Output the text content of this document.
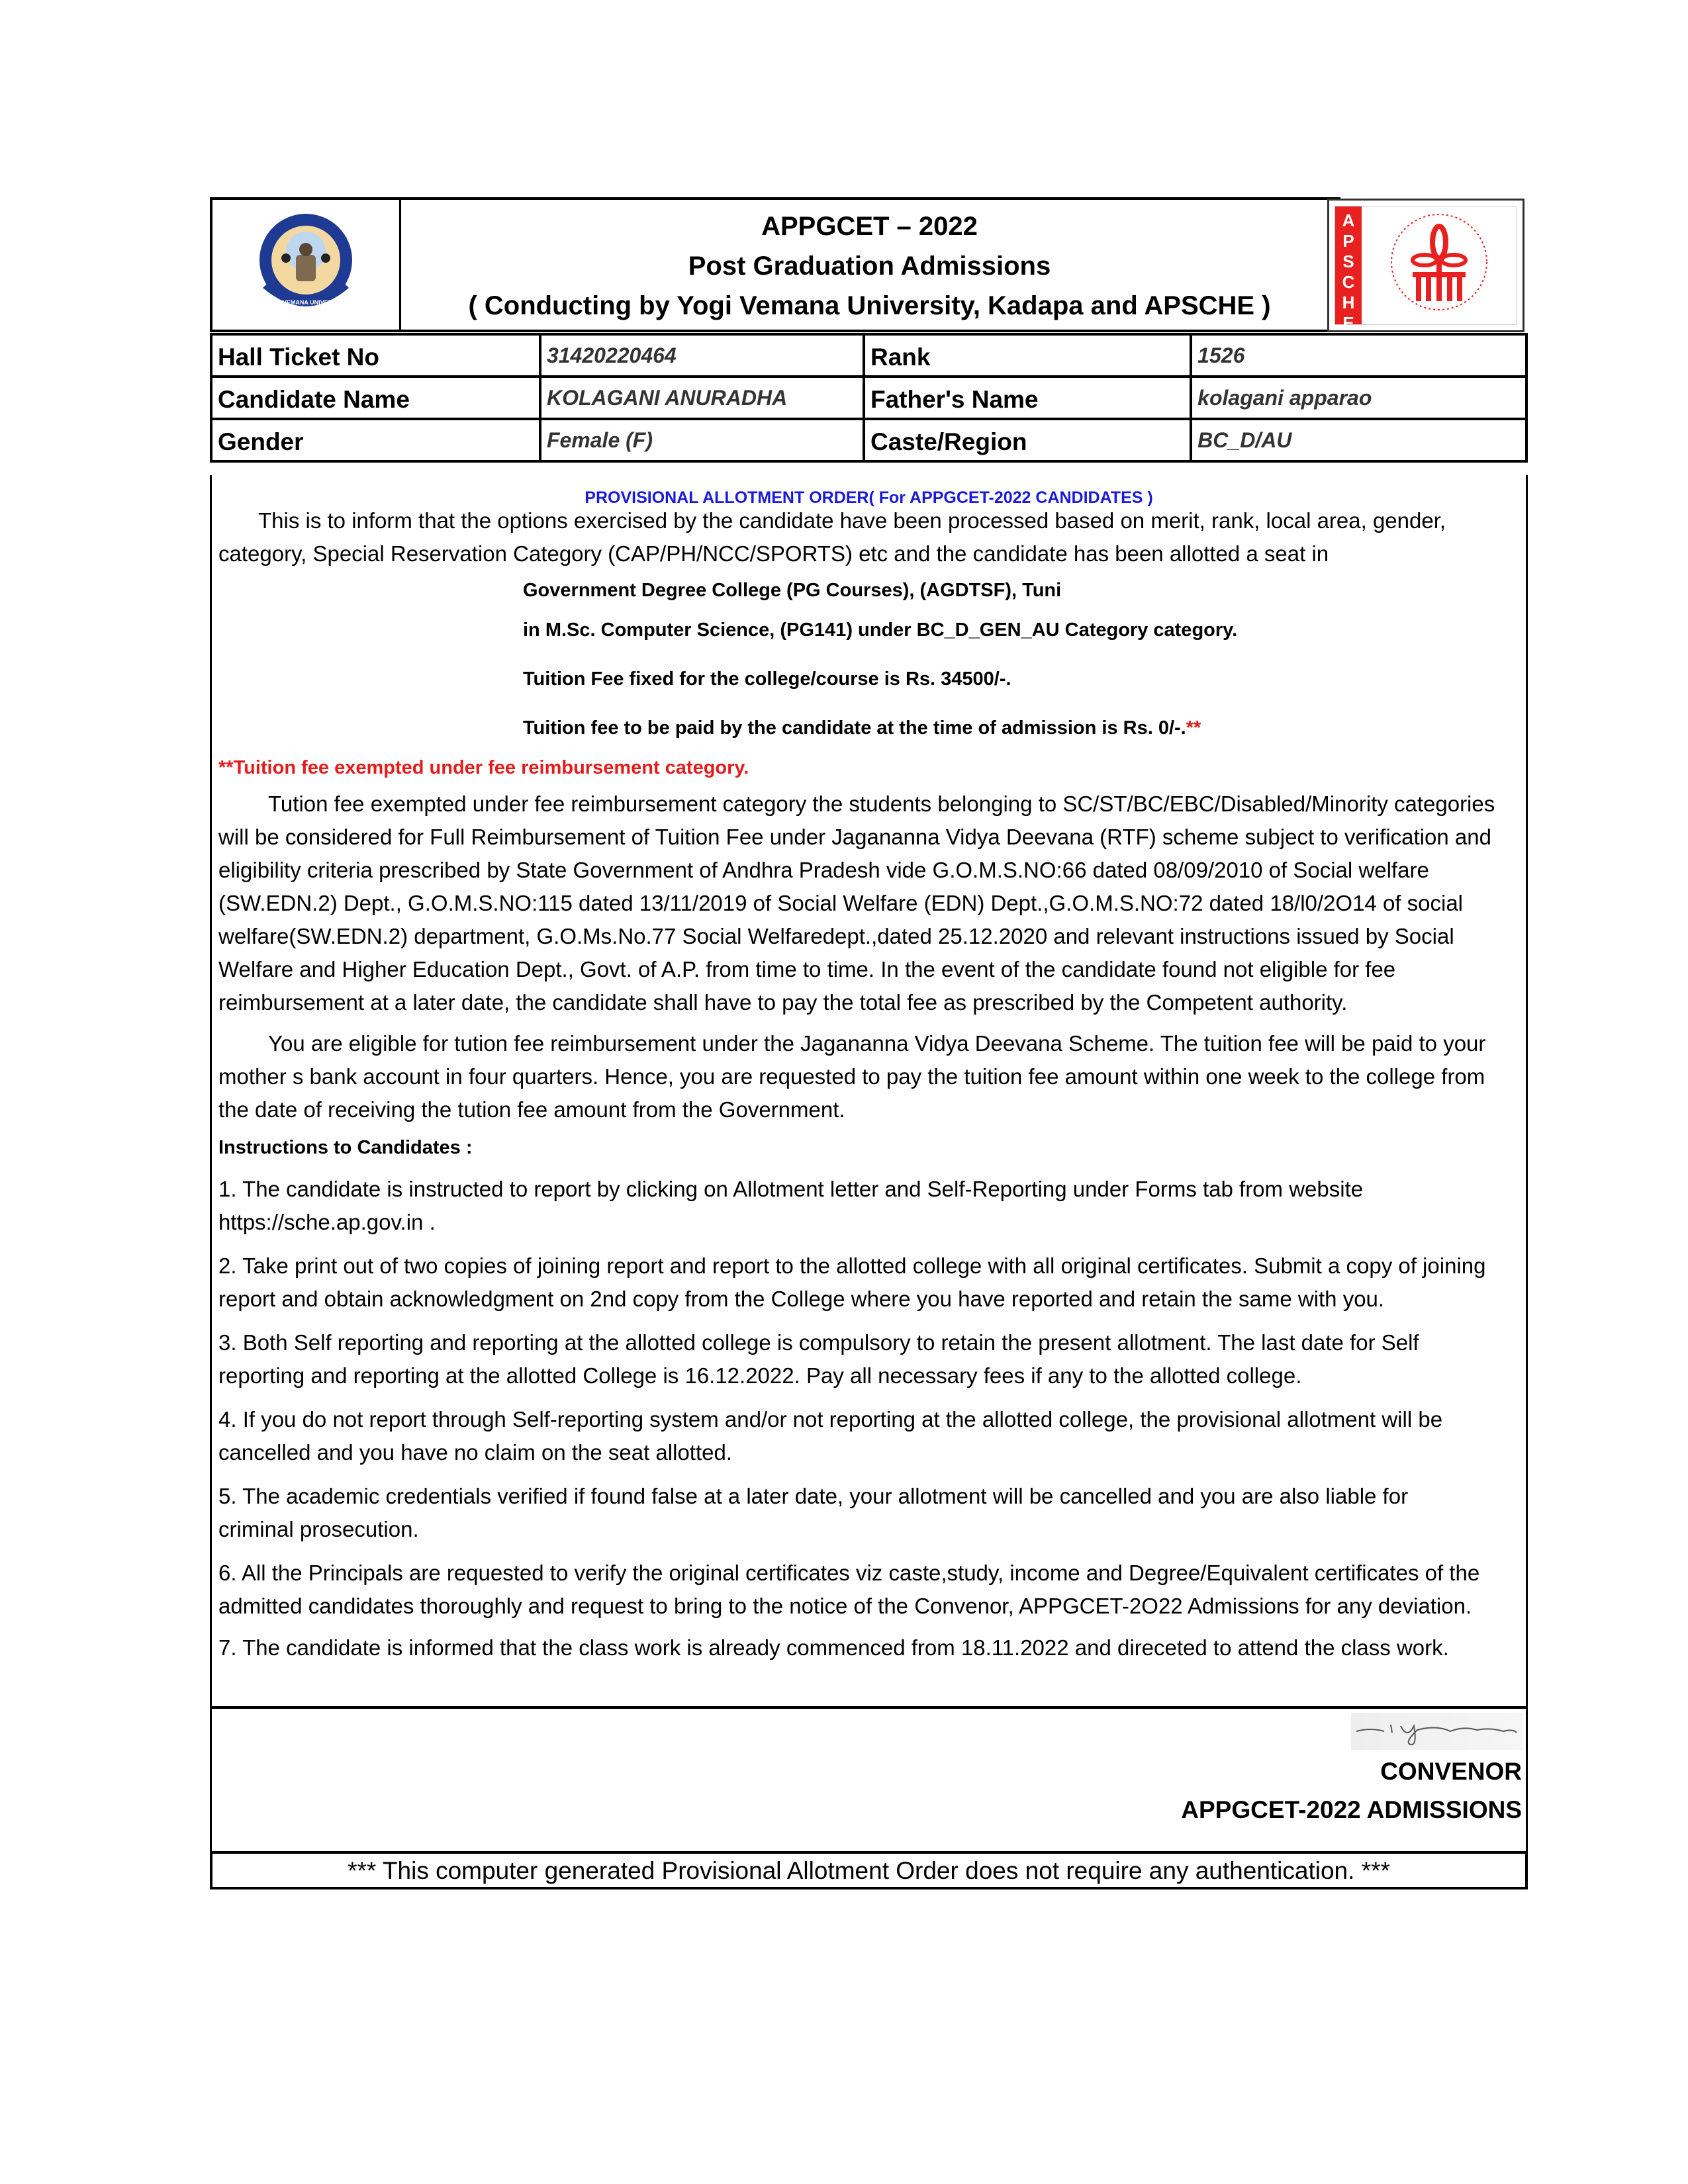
YOGI VEMANA UNIVERSITY
APPGCET – 2022
Post Graduation Admissions
( Conducting by Yogi Vemana University, Kadapa and APSCHE )
A
P
S
C
H
E
Hall Ticket No	31420220464	Rank	1526
Candidate Name	KOLAGANI ANURADHA	Father's Name	kolagani apparao
Gender	Female (F)	Caste/Region	BC_D/AU
PROVISIONAL ALLOTMENT ORDER( For APPGCET-2022 CANDIDATES )
This is to inform that the options exercised by the candidate have been processed based on merit, rank, local area, gender,
category, Special Reservation Category (CAP/PH/NCC/SPORTS) etc and the candidate has been allotted a seat in
Government Degree College (PG Courses), (AGDTSF), Tuni
in M.Sc. Computer Science, (PG141) under BC_D_GEN_AU Category category.
Tuition Fee fixed for the college/course is Rs. 34500/-.
Tuition fee to be paid by the candidate at the time of admission is Rs. 0/-.**
**Tuition fee exempted under fee reimbursement category.
Tution fee exempted under fee reimbursement category the students belonging to SC/ST/BC/EBC/Disabled/Minority categories
will be considered for Full Reimbursement of Tuition Fee under Jagananna Vidya Deevana (RTF) scheme subject to verification and
eligibility criteria prescribed by State Government of Andhra Pradesh vide G.O.M.S.NO:66 dated 08/09/2010 of Social welfare
(SW.EDN.2) Dept., G.O.M.S.NO:115 dated 13/11/2019 of Social Welfare (EDN) Dept.,G.O.M.S.NO:72 dated 18/l0/2O14 of social
welfare(SW.EDN.2) department, G.O.Ms.No.77 Social Welfaredept.,dated 25.12.2020 and relevant instructions issued by Social
Welfare and Higher Education Dept., Govt. of A.P. from time to time. In the event of the candidate found not eligible for fee
reimbursement at a later date, the candidate shall have to pay the total fee as prescribed by the Competent authority.
You are eligible for tution fee reimbursement under the Jagananna Vidya Deevana Scheme. The tuition fee will be paid to your
mother s bank account in four quarters. Hence, you are requested to pay the tuition fee amount within one week to the college from
the date of receiving the tution fee amount from the Government.
Instructions to Candidates :
1. The candidate is instructed to report by clicking on Allotment letter and Self-Reporting under Forms tab from website
https://sche.ap.gov.in .
2. Take print out of two copies of joining report and report to the allotted college with all original certificates. Submit a copy of joining
report and obtain acknowledgment on 2nd copy from the College where you have reported and retain the same with you.
3. Both Self reporting and reporting at the allotted college is compulsory to retain the present allotment. The last date for Self
reporting and reporting at the allotted College is 16.12.2022. Pay all necessary fees if any to the allotted college.
4. If you do not report through Self-reporting system and/or not reporting at the allotted college, the provisional allotment will be
cancelled and you have no claim on the seat allotted.
5. The academic credentials verified if found false at a later date, your allotment will be cancelled and you are also liable for
criminal prosecution.
6. All the Principals are requested to verify the original certificates viz caste,study, income and Degree/Equivalent certificates of the
admitted candidates thoroughly and request to bring to the notice of the Convenor, APPGCET-2O22 Admissions for any deviation.
7. The candidate is informed that the class work is already commenced from 18.11.2022 and direceted to attend the class work.
CONVENOR
APPGCET-2022 ADMISSIONS
*** This computer generated Provisional Allotment Order does not require any authentication. ***
